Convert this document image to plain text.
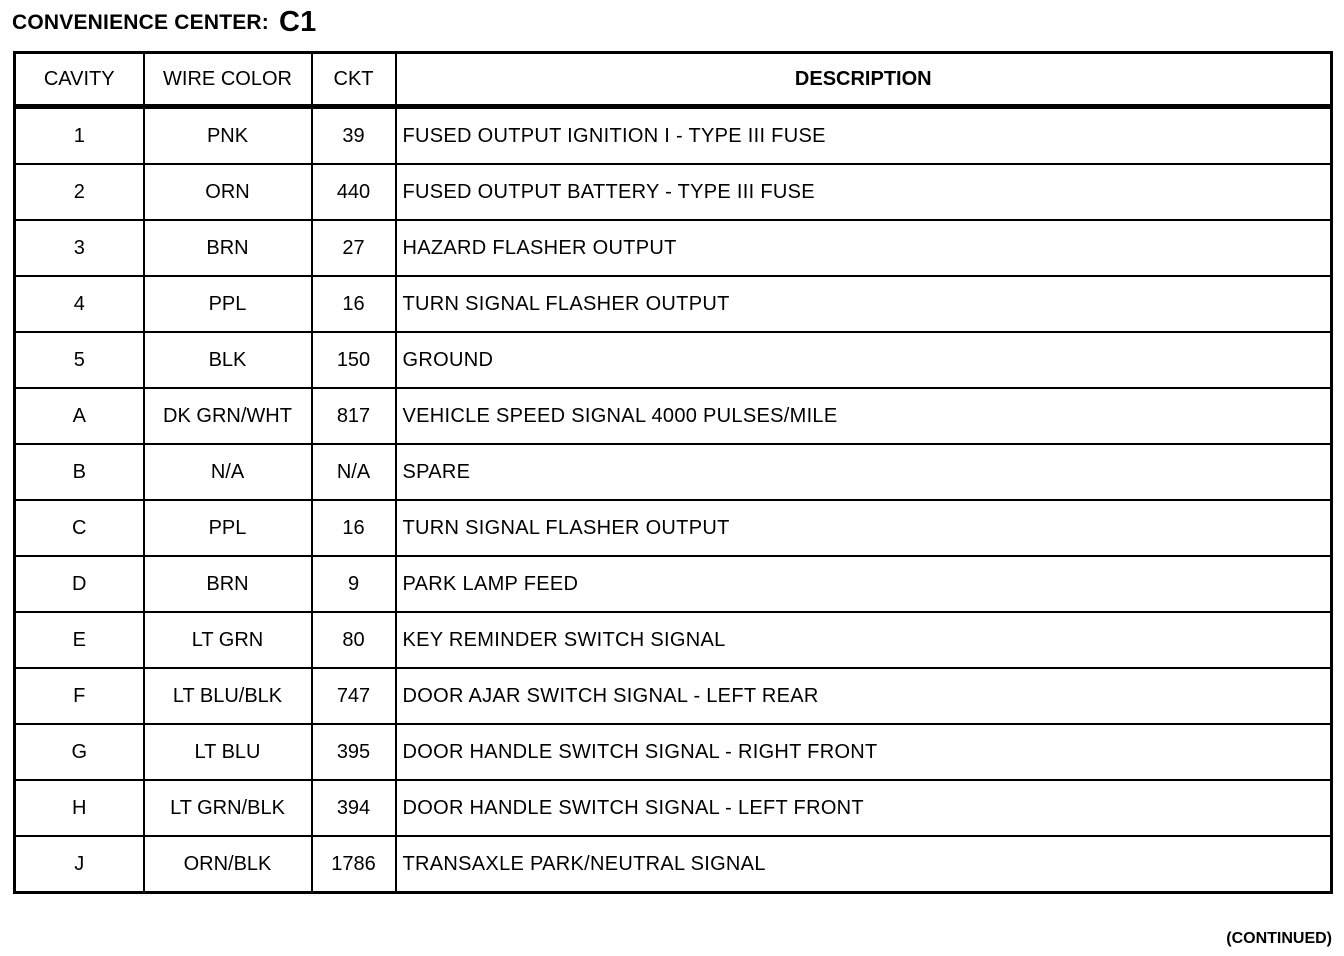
CONVENIENCE CENTER: C1
CAVITY	WIRE COLOR	CKT	DESCRIPTION
1	PNK	39	FUSED OUTPUT IGNITION I - TYPE III FUSE
2	ORN	440	FUSED OUTPUT BATTERY - TYPE III FUSE
3	BRN	27	HAZARD FLASHER OUTPUT
4	PPL	16	TURN SIGNAL FLASHER OUTPUT
5	BLK	150	GROUND
A	DK GRN/WHT	817	VEHICLE SPEED SIGNAL 4000 PULSES/MILE
B	N/A	N/A	SPARE
C	PPL	16	TURN SIGNAL FLASHER OUTPUT
D	BRN	9	PARK LAMP FEED
E	LT GRN	80	KEY REMINDER SWITCH SIGNAL
F	LT BLU/BLK	747	DOOR AJAR SWITCH SIGNAL - LEFT REAR
G	LT BLU	395	DOOR HANDLE SWITCH SIGNAL - RIGHT FRONT
H	LT GRN/BLK	394	DOOR HANDLE SWITCH SIGNAL - LEFT FRONT
J	ORN/BLK	1786	TRANSAXLE PARK/NEUTRAL SIGNAL
(CONTINUED)
